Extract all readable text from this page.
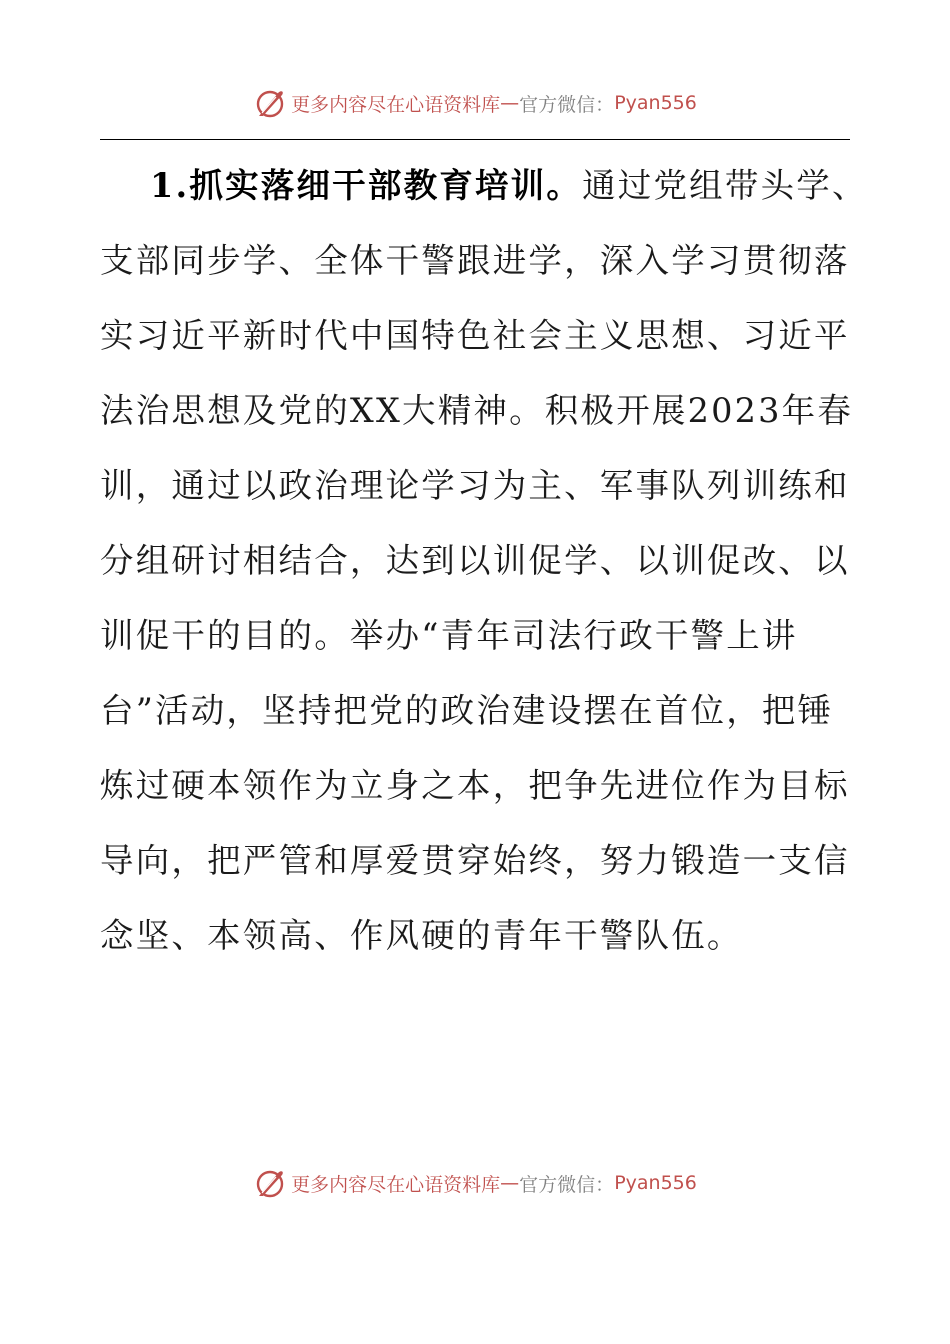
更多内容尽在心语资料库 — 官方微信： Pyan556
1.抓实落细干部教育培训。通过党组带头学、
支部同步学、全体干警跟进学，深入学习贯彻落
实习近平新时代中国特色社会主义思想、习近平
法治思想及党的XX大精神。积极开展2023年春
训，通过以政治理论学习为主、军事队列训练和
分组研讨相结合，达到以训促学、以训促改、以
训促干的目的。举办“青年司法行政干警上讲
台”活动，坚持把党的政治建设摆在首位，把锤
炼过硬本领作为立身之本，把争先进位作为目标
导向，把严管和厚爱贯穿始终，努力锻造一支信
念坚、本领高、作风硬的青年干警队伍。
更多内容尽在心语资料库 — 官方微信： Pyan556
